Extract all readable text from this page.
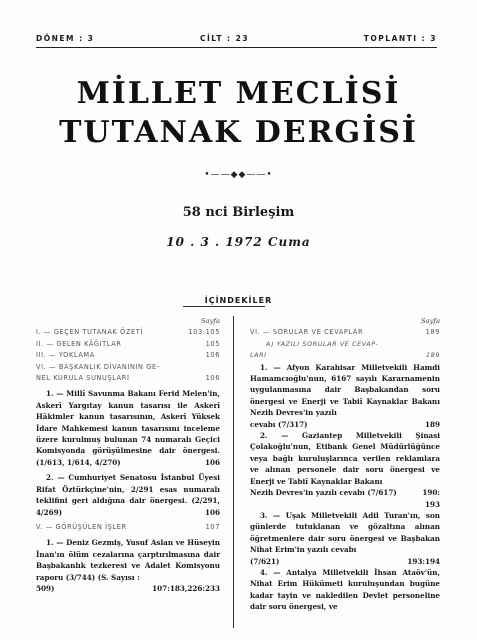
DÖNEM : 3	CİLT : 23	TOPLANTI : 3
MİLLET MECLİSİ
TUTANAK DERGİSİ
•——◆◆——•
58 nci Birleşim
10 . 3 . 1972 Cuma
İÇİNDEKİLER
Sayfa
I. — GEÇEN TUTANAK ÖZETİ	103:105
II. — GELEN KÂĞITLAR	105
III. — YOKLAMA	106
VI. — BAŞKANLIK DİVANININ GE-
NEL KURULA SUNUŞLARI	106
1. — Millî Savunma Bakanı Ferid Melen'in, Askerî Yargıtay kanun tasarısı ile Askerî Hâkimler kanun tasarısının, Askerî Yüksek İdare Mahkemesi kanun tasarısını inceleme üzere kurulmuş bulunan 74 numaralı Geçici Komisyonda görüşülmesine dair önergesi. (1/613, 1/614, 4/270)	106
2. — Cumhuriyet Senatosu İstanbul Üyesi Rifat Öztürkçine'nin, 2/291 esas numaralı teklifini geri aldığına dair önergesi. (2/291, 4/269)	106
V. — GÖRÜŞÜLEN İŞLER	107
1. — Deniz Gezmiş, Yusuf Aslan ve Hüseyin İnan'ın ölüm cezalarına çarptırılmasına dair Başbakanlık tezkeresi ve Adalet Komisyonu raporu (3/744) (S. Sayısı :
509)	107:183,226:233
Sayfa
VI. — SORULAR VE CEVAPLAR	189
A) YAZILI SORULAR VE CEVAP-
LARI	189
1. — Afyon Karahisar Milletvekili Hamdi Hamamcıoğlu'nun, 6167 sayılı Kararnamenin uygulanmasına dair Başbakandan soru önergesi ve Enerji ve Tabiî Kaynaklar Bakanı Nezih Devres'in yazılı
cevabı (7/317)	189
2. — Gaziantep Milletvekili Şinasi Çolakoğlu'nun, Etibank Genel Müdürlüğünce veya bağlı kuruluşlarınca verilen reklamlara ve alınan personele dair soru önergesi ve Enerji ve Tabiî Kaynaklar Bakanı
Nezih Devres'in yazılı cevabı (7/617)	190:
193
3. — Uşak Milletvekili Adil Turan'ın, son günlerde tutuklanan ve gözaltına alınan öğretmenlere dair soru önergesi ve Başbakan Nihat Erim'in yazılı cevabı
(7/621)	193:194
4. — Antalya Milletvekili İhsan Ataöv'ün, Nihat Erim Hükümeti kuruluşundan bugüne kadar tayin ve nakledilen Devlet personeline dair soru önergesi, ve
